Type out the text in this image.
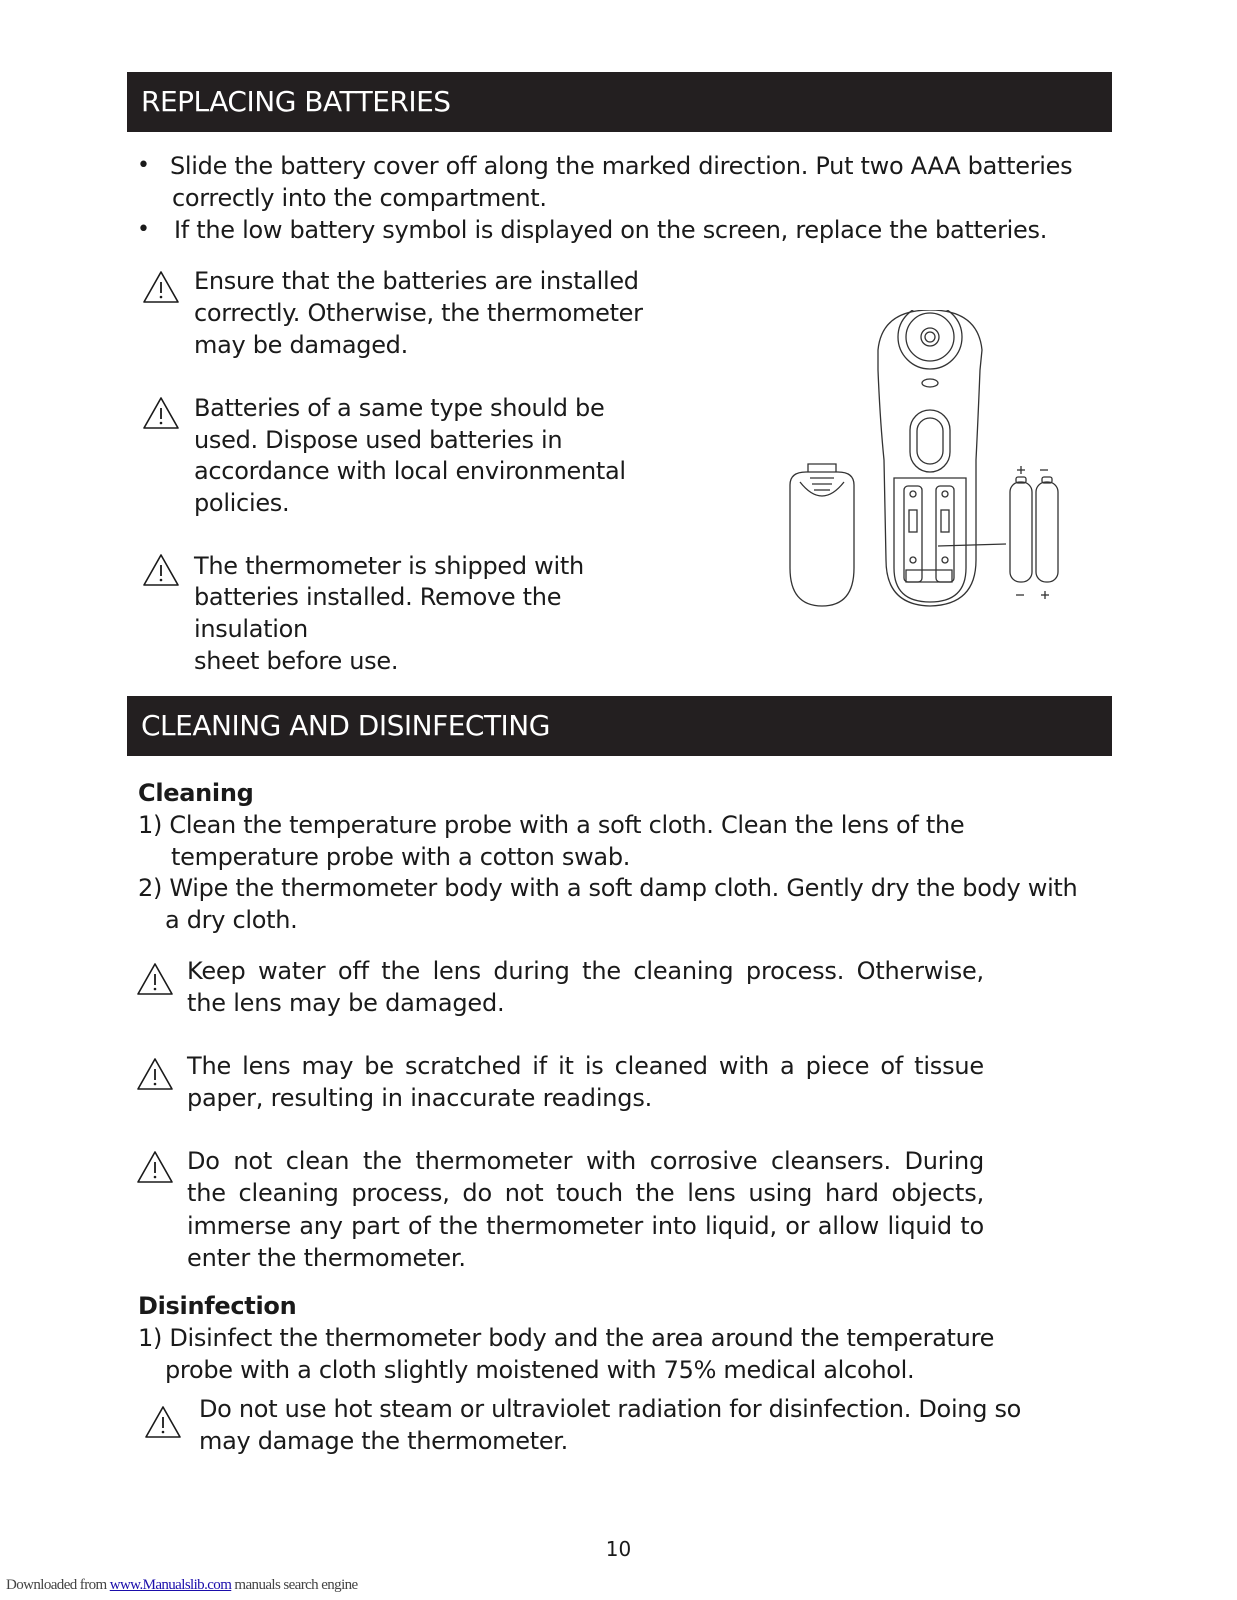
REPLACING BATTERIES
• Slide the battery cover off along the marked direction. Put two AAA batteries
correctly into the compartment.
• If the low battery symbol is displayed on the screen, replace the batteries.
Ensure that the batteries are installed
correctly. Otherwise, the thermometer
may be damaged.
Batteries of a same type should be
used. Dispose used batteries in
accordance with local environmental
policies.
The thermometer is shipped with
batteries installed. Remove the
insulation
sheet before use.
CLEANING AND DISINFECTING
Cleaning
1) Clean the temperature probe with a soft cloth. Clean the lens of the
temperature probe with a cotton swab.
2) Wipe the thermometer body with a soft damp cloth. Gently dry the body with
a dry cloth.
Keep water off the lens during the cleaning process. Otherwise,
the lens may be damaged.
The lens may be scratched if it is cleaned with a piece of tissue
paper, resulting in inaccurate readings.
Do not clean the thermometer with corrosive cleansers. During
the cleaning process, do not touch the lens using hard objects,
immerse any part of the thermometer into liquid, or allow liquid to
enter the thermometer.
Disinfection
1) Disinfect the thermometer body and the area around the temperature
probe with a cloth slightly moistened with 75% medical alcohol.
Do not use hot steam or ultraviolet radiation for disinfection. Doing so
may damage the thermometer.
10
Downloaded from www.Manualslib.com manuals search engine
